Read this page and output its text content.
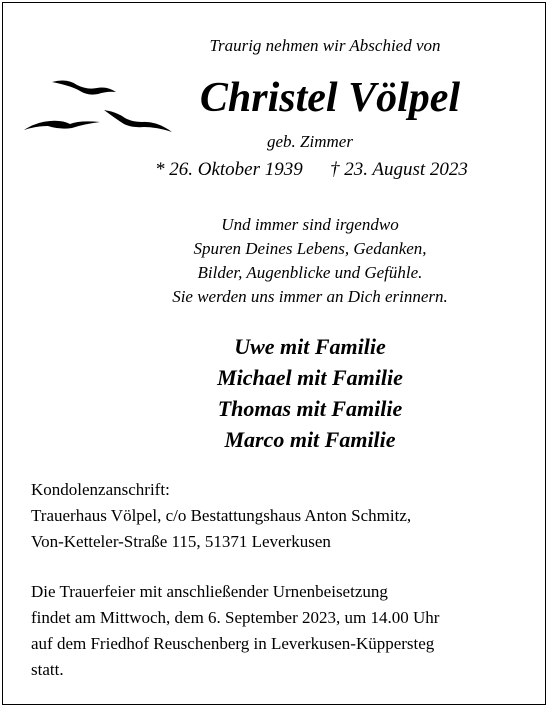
Traurig nehmen wir Abschied von
Christel Völpel
geb. Zimmer
* 26. Oktober 1939 † 23. August 2023
Und immer sind irgendwo
Spuren Deines Lebens, Gedanken,
Bilder, Augenblicke und Gefühle.
Sie werden uns immer an Dich erinnern.
Uwe mit Familie
Michael mit Familie
Thomas mit Familie
Marco mit Familie
Kondolenzanschrift:
Trauerhaus Völpel, c/o Bestattungshaus Anton Schmitz,
Von-Ketteler-Straße 115, 51371 Leverkusen
Die Trauerfeier mit anschließender Urnenbeisetzung
findet am Mittwoch, dem 6. September 2023, um 14.00 Uhr
auf dem Friedhof Reuschenberg in Leverkusen-Küppersteg
statt.
